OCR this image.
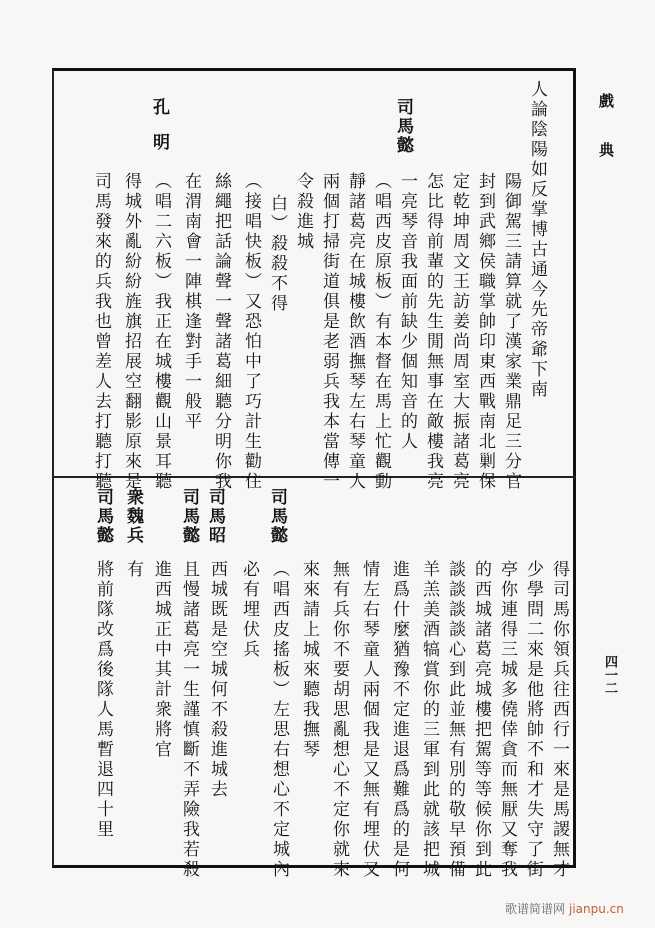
戲典
四一二
司馬懿	人論陰陽如反掌博古通今先帝爺下南
陽御駕三請算就了漢家業鼎足三分官
封到武鄉侯職掌帥印東西戰南北剿保
定乾坤周文王訪姜尚周室大振諸葛亮
怎比得前輩的先生閒無事在敵樓我亮
一亮琴音我面前缺少個知音的人
（唱西皮原板）有本督在馬上忙觀動
靜諸葛亮在城樓飲酒撫琴左右琴童人
兩個打掃街道俱是老弱兵我本當傳一
令殺進城
白）殺殺不得
（接唱快板）又恐怕中了巧計生勸住
絲繩把話論聲一聲諸葛細聽分明你我
孔明
在渭南會一陣棋逢對手一般平
（唱二六板）我正在城樓觀山景耳聽
得城外亂紛紛旌旗招展空翻影原來是
司馬發來的兵我也曾差人去打聽打聽
得司馬你領兵往西行一來是馬謖無才
少學問二來是他將帥不和才失守了街
亭你連得三城多僥倖貪而無厭又奪我
的西城諸葛亮城樓把駕等等候你到此
談談談談心到此並無有別的敬早預備
羊羔美酒犒賞你的三軍到此就該把城
司馬懿
進爲什麼猶豫不定進退爲難爲的是何
情左右琴童人兩個我是又無有埋伏又
無有兵你不要胡思亂想心不定你就來
來來請上城來聽我撫琴
（唱西皮搖板）左思右想心不定城內
必有埋伏兵
司馬昭
西城既是空城何不殺進城去
司馬懿
且慢諸葛亮一生謹慎斷不弄險我若殺
進西城正中其計衆將官
衆魏兵
有
司馬懿
將前隊改爲後隊人馬暫退四十里
歌谱简谱网 jianpu.cn
